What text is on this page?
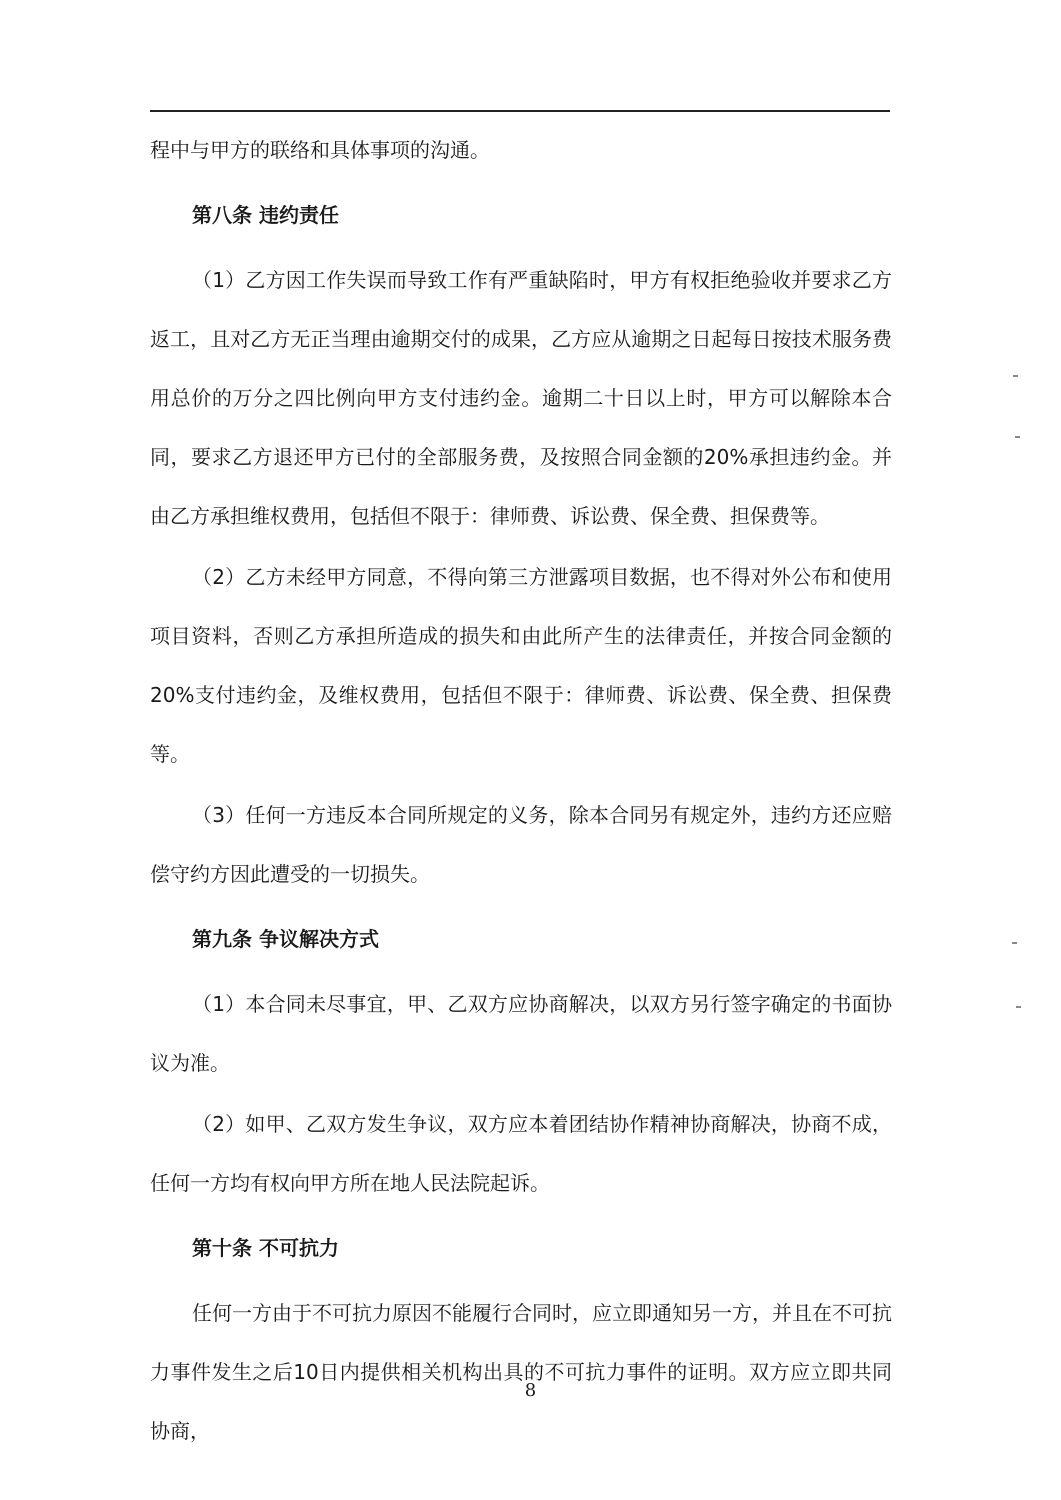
程中与甲方的联络和具体事项的沟通。

第八条 违约责任

（1）乙方因工作失误而导致工作有严重缺陷时，甲方有权拒绝验收并要求乙方返工，且对乙方无正当理由逾期交付的成果，乙方应从逾期之日起每日按技术服务费用总价的万分之四比例向甲方支付违约金。逾期二十日以上时，甲方可以解除本合同，要求乙方退还甲方已付的全部服务费，及按照合同金额的20%承担违约金。并由乙方承担维权费用，包括但不限于：律师费、诉讼费、保全费、担保费等。

（2）乙方未经甲方同意，不得向第三方泄露项目数据，也不得对外公布和使用项目资料，否则乙方承担所造成的损失和由此所产生的法律责任，并按合同金额的20%支付违约金，及维权费用，包括但不限于：律师费、诉讼费、保全费、担保费等。

（3）任何一方违反本合同所规定的义务，除本合同另有规定外，违约方还应赔偿守约方因此遭受的一切损失。

第九条 争议解决方式

（1）本合同未尽事宜，甲、乙双方应协商解决，以双方另行签字确定的书面协议为准。

（2）如甲、乙双方发生争议，双方应本着团结协作精神协商解决，协商不成，任何一方均有权向甲方所在地人民法院起诉。

第十条 不可抗力

任何一方由于不可抗力原因不能履行合同时，应立即通知另一方，并且在不可抗力事件发生之后10日内提供相关机构出具的不可抗力事件的证明。双方应立即共同协商，

8
